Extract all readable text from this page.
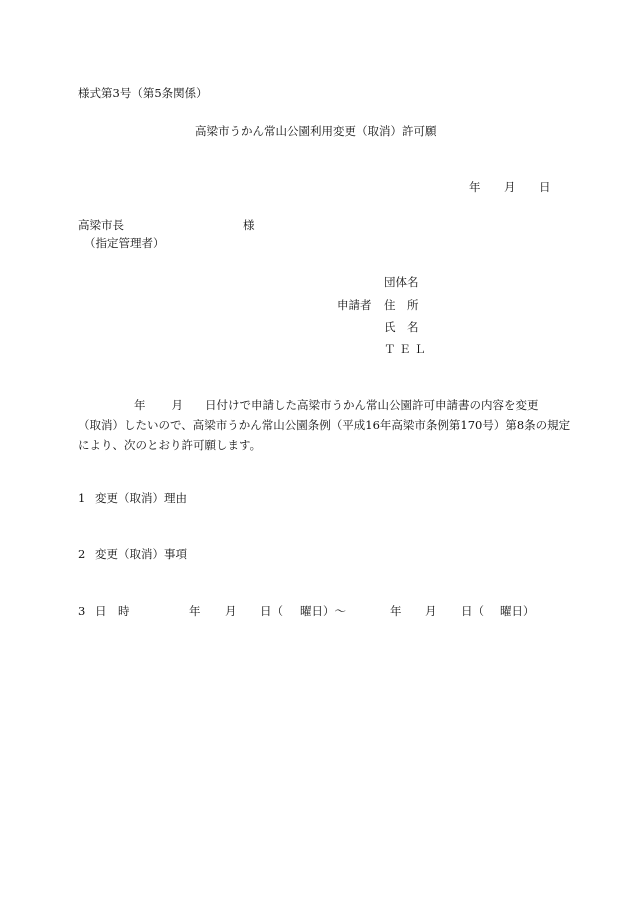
様式第3号（第5条関係）
高梁市うかん常山公園利用変更（取消）許可願
年 月 日
高梁市長	様
（指定管理者）
団体名
申請者 住　所
氏　名
Ｔ Ｅ Ｌ
年 月 日付けで申請した高梁市うかん常山公園許可申請書の内容を変更
（取消）したいので、高梁市うかん常山公園条例（平成16年高梁市条例第170号）第8条の規定
により、次のとおり許可願します。
1 変更（取消）理由
2 変更（取消）事項
3 日　時	年 月 日（ 曜日）～	年 月 日（ 曜日）
